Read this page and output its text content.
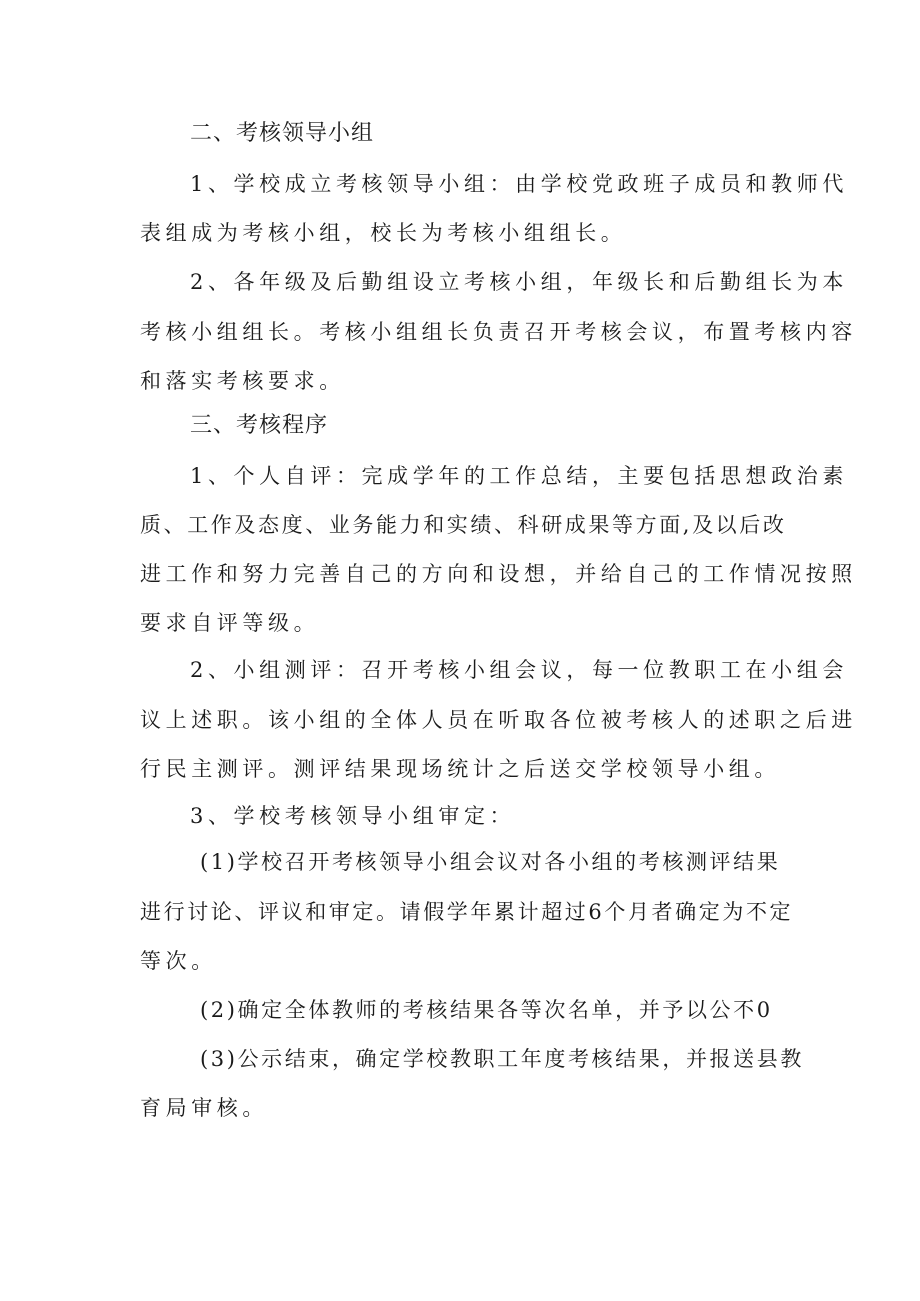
二、考核领导小组
1、学校成立考核领导小组：由学校党政班子成员和教师代
表组成为考核小组，校长为考核小组组长。
2、各年级及后勤组设立考核小组，年级长和后勤组长为本
考核小组组长。考核小组组长负责召开考核会议，布置考核内容
和落实考核要求。
三、考核程序
1、个人自评：完成学年的工作总结，主要包括思想政治素
质、工作及态度、业务能力和实绩、科研成果等方面,及以后改
进工作和努力完善自己的方向和设想，并给自己的工作情况按照
要求自评等级。
2、小组测评：召开考核小组会议，每一位教职工在小组会
议上述职。该小组的全体人员在听取各位被考核人的述职之后进
行民主测评。测评结果现场统计之后送交学校领导小组。
3、学校考核领导小组审定：
(1)学校召开考核领导小组会议对各小组的考核测评结果
进行讨论、评议和审定。请假学年累计超过6个月者确定为不定
等次。
(2)确定全体教师的考核结果各等次名单，并予以公不0
(3)公示结束，确定学校教职工年度考核结果，并报送县教
育局审核。
